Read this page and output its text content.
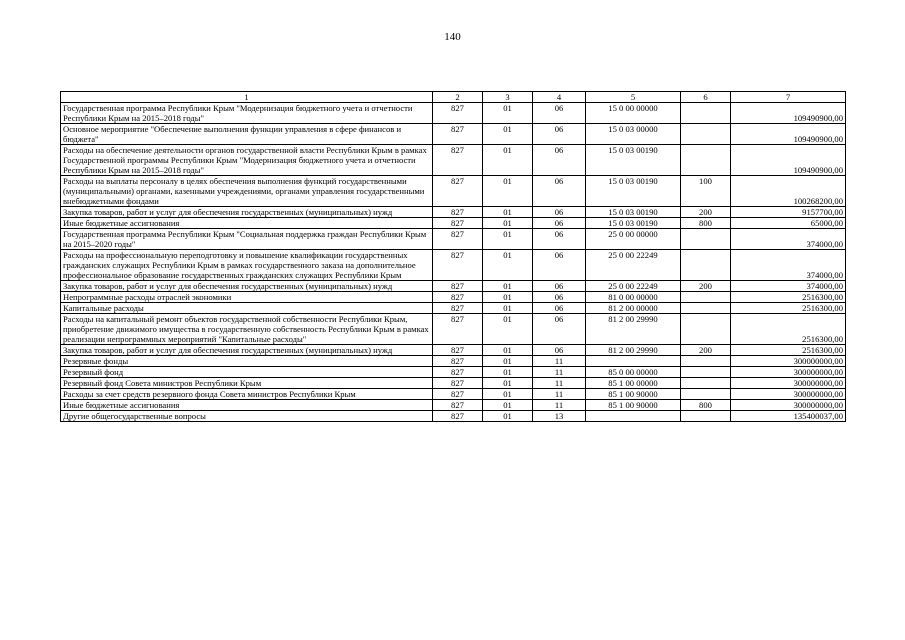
140
1	2	3	4	5	6	7
Государственная программа Республики Крым "Модернизация бюджетного учета и отчетности Республики Крым на 2015–2018 годы"	827	01	06	15 0 00 00000		109490900,00
Основное мероприятие "Обеспечение выполнения функции управления в сфере финансов и бюджета"	827	01	06	15 0 03 00000		109490900,00
Расходы на обеспечение деятельности органов государственной власти Республики Крым в рамках Государственной программы Республики Крым "Модернизация бюджетного учета и отчетности Республики Крым на 2015–2018 годы"	827	01	06	15 0 03 00190		109490900,00
Расходы на выплаты персоналу в целях обеспечения выполнения функций государственными (муниципальными) органами, казенными учреждениями, органами управления государственными внебюджетными фондами	827	01	06	15 0 03 00190	100	100268200,00
Закупка товаров, работ и услуг для обеспечения государственных (муниципальных) нужд	827	01	06	15 0 03 00190	200	9157700,00
Иные бюджетные ассигнования	827	01	06	15 0 03 00190	800	65000,00
Государственная программа Республики Крым "Социальная поддержка граждан Республики Крым на 2015–2020 годы"	827	01	06	25 0 00 00000		374000,00
Расходы на профессиональную переподготовку и повышение квалификации государственных гражданских служащих Республики Крым в рамках государственного заказа на дополнительное профессиональное образование государственных гражданских служащих Республики Крым	827	01	06	25 0 00 22249		374000,00
Закупка товаров, работ и услуг для обеспечения государственных (муниципальных) нужд	827	01	06	25 0 00 22249	200	374000,00
Непрограммные расходы отраслей экономики	827	01	06	81 0 00 00000		2516300,00
Капитальные расходы	827	01	06	81 2 00 00000		2516300,00
Расходы на капитальный ремонт объектов государственной собственности Республики Крым, приобретение движимого имущества в государственную собственность Республики Крым в рамках реализации непрограммных мероприятий "Капитальные расходы"	827	01	06	81 2 00 29990		2516300,00
Закупка товаров, работ и услуг для обеспечения государственных (муниципальных) нужд	827	01	06	81 2 00 29990	200	2516300,00
Резервные фонды	827	01	11			300000000,00
Резервный фонд	827	01	11	85 0 00 00000		300000000,00
Резервный фонд Совета министров Республики Крым	827	01	11	85 1 00 00000		300000000,00
Расходы за счет средств резервного фонда Совета министров Республики Крым	827	01	11	85 1 00 90000		300000000,00
Иные бюджетные ассигнования	827	01	11	85 1 00 90000	800	300000000,00
Другие общегосударственные вопросы	827	01	13			135400037,00
